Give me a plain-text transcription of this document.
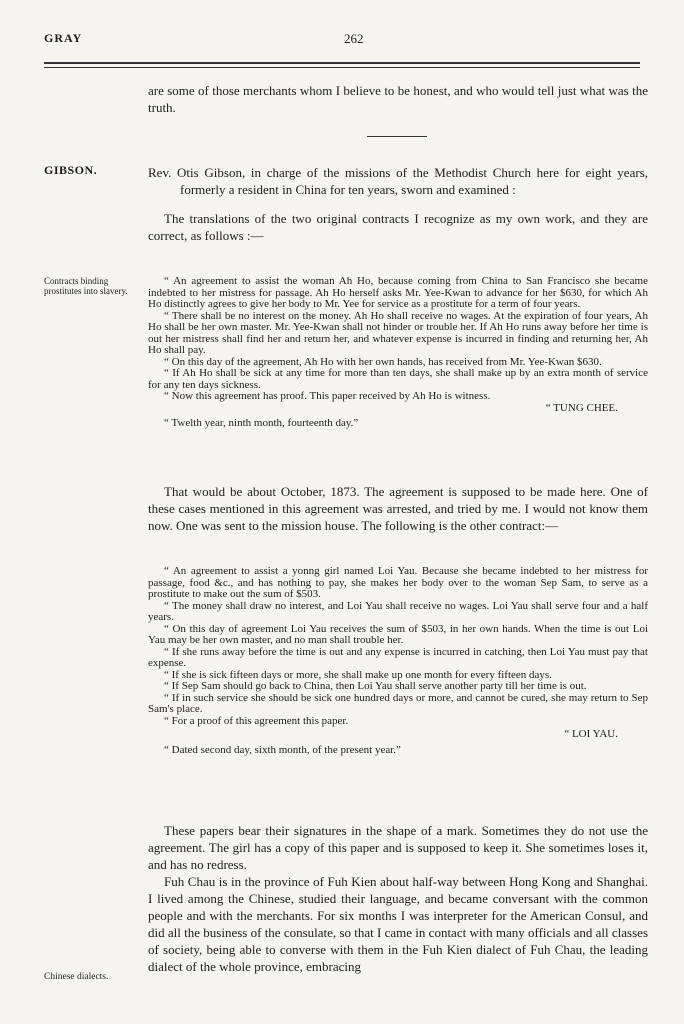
GRAY	262

are some of those merchants whom I believe to be honest, and who would tell just what was the truth.

GIBSON.	Rev. Otis Gibson, in charge of the missions of the Methodist Church here for eight years, formerly a resident in China for ten years, sworn and examined :

The translations of the two original contracts I recognize as my own work, and they are correct, as follows :—

Contracts binding prostitutes into slavery.

“ An agreement to assist the woman Ah Ho, because coming from China to San Francisco she became indebted to her mistress for passage. Ah Ho herself asks Mr. Yee-Kwan to advance for her $630, for which Ah Ho distinctly agrees to give her body to Mr. Yee for service as a prostitute for a term of four years.

“ There shall be no interest on the money. Ah Ho shall receive no wages. At the expiration of four years, Ah Ho shall be her own master. Mr. Yee-Kwan shall not hinder or trouble her. If Ah Ho runs away before her time is out her mistress shall find her and return her, and whatever expense is incurred in finding and returning her, Ah Ho shall pay.

“ On this day of the agreement, Ah Ho with her own hands, has received from Mr. Yee-Kwan $630.

“ If Ah Ho shall be sick at any time for more than ten days, she shall make up by an extra month of service for any ten days sickness.

“ Now this agreement has proof. This paper received by Ah Ho is witness.

“ TUNG CHEE.

“ Twelth year, ninth month, fourteenth day.”

That would be about October, 1873. The agreement is supposed to be made here. One of these cases mentioned in this agreement was arrested, and tried by me. I would not know them now. One was sent to the mission house. The following is the other contract:—

“ An agreement to assist a yonng girl named Loi Yau. Because she became indebted to her mistress for passage, food &c., and has nothing to pay, she makes her body over to the woman Sep Sam, to serve as a prostitute to make out the sum of $503.

“ The money shall draw no interest, and Loi Yau shall receive no wages. Loi Yau shall serve four and a half years.

“ On this day of agreement Loi Yau receives the sum of $503, in her own hands. When the time is out Loi Yau may be her own master, and no man shall trouble her.

“ If she runs away before the time is out and any expense is incurred in catching, then Loi Yau must pay that expense.

“ If she is sick fifteen days or more, she shall make up one month for every fifteen days.

“ If Sep Sam should go back to China, then Loi Yau shall serve another party till her time is out.

“ If in such service she should be sick one hundred days or more, and cannot be cured, she may return to Sep Sam's place.

“ For a proof of this agreement this paper.

“ LOI YAU.

“ Dated second day, sixth month, of the present year.”

These papers bear their signatures in the shape of a mark. Sometimes they do not use the agreement. The girl has a copy of this paper and is supposed to keep it. She sometimes loses it, and has no redress.

Fuh Chau is in the province of Fuh Kien about half-way between Hong Kong and Shanghai. I lived among the Chinese, studied their language, and became conversant with the common people and with the merchants. For six months I was interpreter for the American Consul, and did all the business of the consulate, so that I came in contact with many officials and all classes of society, being able to converse with them in the Fuh Kien dialect of Fuh Chau, the leading dialect of the whole province, embracing

Chinese dialects.
